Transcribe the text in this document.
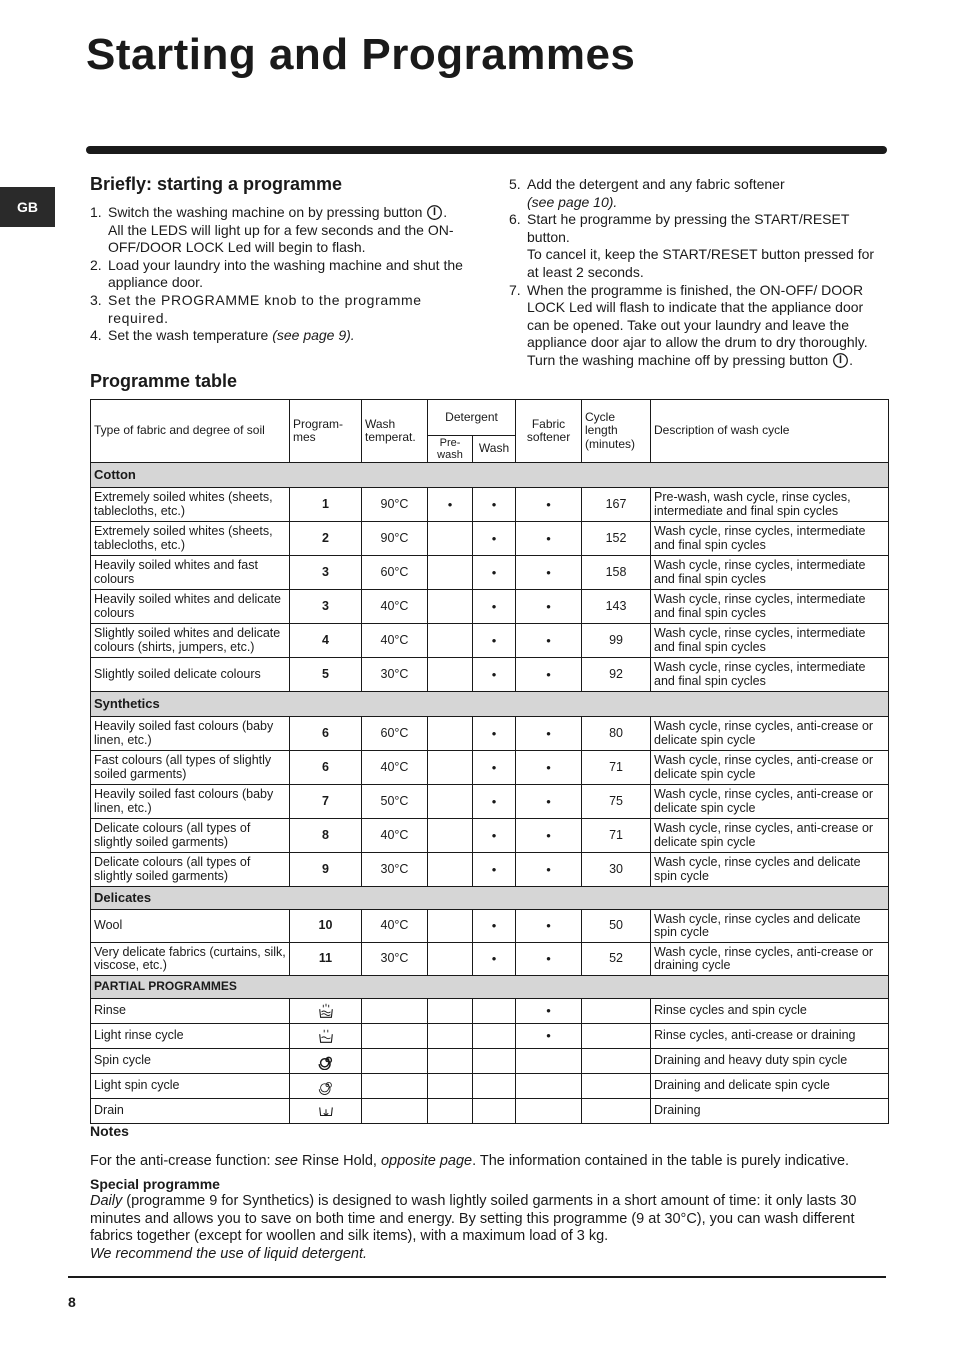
Starting and Programmes
GB
Briefly: starting a programme
1. Switch the washing machine on by pressing button . All the LEDS will light up for a few seconds and the ON-OFF/DOOR LOCK Led will begin to flash.
2. Load your laundry into the washing machine and shut the appliance door.
3. Set the PROGRAMME knob to the programme required.
4. Set the wash temperature (see page 9).
5. Add the detergent and any fabric softener
(see page 10).
6. Start he programme by pressing the START/RESET button.
To cancel it, keep the START/RESET button pressed for at least 2 seconds.
7. When the programme is finished, the ON-OFF/ DOOR LOCK Led will flash to indicate that the appliance door can be opened. Take out your laundry and leave the appliance door ajar to allow the drum to dry thoroughly. Turn the washing machine off by pressing button .
Programme table
Type of fabric and degree of soil	Program-mes	Wash temperat.	Detergent		Fabric softener	Cycle length (minutes)	Description of wash cycle
			Pre-wash	Wash			
Cotton							
Extremely soiled whites (sheets, tablecloths, etc.)	1	90°C	•	•	•	167	Pre-wash, wash cycle, rinse cycles, intermediate and final spin cycles
Extremely soiled whites (sheets, tablecloths, etc.)	2	90°C		•	•	152	Wash cycle, rinse cycles, intermediate and final spin cycles
Heavily soiled whites and fast colours	3	60°C		•	•	158	Wash cycle, rinse cycles, intermediate and final spin cycles
Heavily soiled whites and delicate colours	3	40°C		•	•	143	Wash cycle, rinse cycles, intermediate and final spin cycles
Slightly soiled whites and delicate colours (shirts, jumpers, etc.)	4	40°C		•	•	99	Wash cycle, rinse cycles, intermediate and final spin cycles
Slightly soiled delicate colours	5	30°C		•	•	92	Wash cycle, rinse cycles, intermediate and final spin cycles
Synthetics							
Heavily soiled fast colours (baby linen, etc.)	6	60°C		•	•	80	Wash cycle, rinse cycles, anti-crease or delicate spin cycle
Fast colours (all types of slightly soiled garments)	6	40°C		•	•	71	Wash cycle, rinse cycles, anti-crease or delicate spin cycle
Heavily soiled fast colours (baby linen, etc.)	7	50°C		•	•	75	Wash cycle, rinse cycles, anti-crease or delicate spin cycle
Delicate colours (all types of slightly soiled garments)	8	40°C		•	•	71	Wash cycle, rinse cycles, anti-crease or delicate spin cycle
Delicate colours (all types of slightly soiled garments)	9	30°C		•	•	30	Wash cycle, rinse cycles and delicate spin cycle
Delicates							
Wool	10	40°C		•	•	50	Wash cycle, rinse cycles and delicate spin cycle
Very delicate fabrics (curtains, silk, viscose, etc.)	11	30°C		•	•	52	Wash cycle, rinse cycles, anti-crease or draining cycle
PARTIAL PROGRAMMES							
Rinse					•		Rinse cycles and spin cycle
Light rinse cycle					•		Rinse cycles, anti-crease or draining
Spin cycle							Draining and heavy duty spin cycle
Light spin cycle							Draining and delicate spin cycle
Drain							Draining
Notes

For the anti-crease function: see Rinse Hold, opposite page. The information contained in the table is purely indicative.

Special programme

Daily (programme 9 for Synthetics) is designed to wash lightly soiled garments in a short amount of time: it only lasts 30 minutes and allows you to save on both time and energy. By setting this programme (9 at 30°C), you can wash different fabrics together (except for woollen and silk items), with a maximum load of 3 kg.
We recommend the use of liquid detergent.

8
